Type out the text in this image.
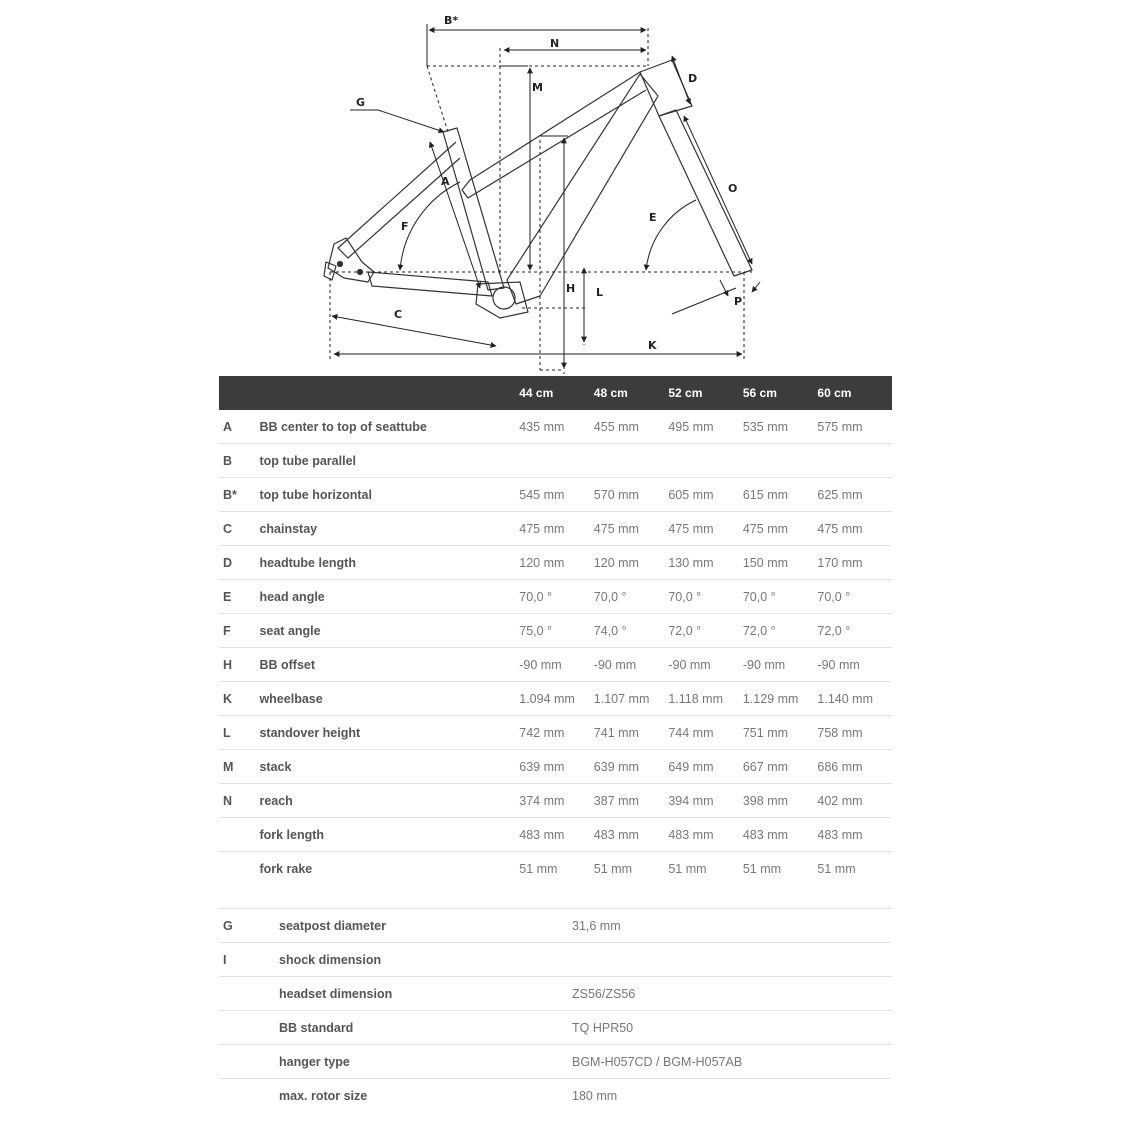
B*
N
G
M
D
A
O
F
E
H L
P
C
K
		44 cm	48 cm	52 cm	56 cm	60 cm
A	BB center to top of seattube	435 mm	455 mm	495 mm	535 mm	575 mm
B	top tube parallel					
B*	top tube horizontal	545 mm	570 mm	605 mm	615 mm	625 mm
C	chainstay	475 mm	475 mm	475 mm	475 mm	475 mm
D	headtube length	120 mm	120 mm	130 mm	150 mm	170 mm
E	head angle	70,0 °	70,0 °	70,0 °	70,0 °	70,0 °
F	seat angle	75,0 °	74,0 °	72,0 °	72,0 °	72,0 °
H	BB offset	-90 mm	-90 mm	-90 mm	-90 mm	-90 mm
K	wheelbase	1.094 mm	1.107 mm	1.118 mm	1.129 mm	1.140 mm
L	standover height	742 mm	741 mm	744 mm	751 mm	758 mm
M	stack	639 mm	639 mm	649 mm	667 mm	686 mm
N	reach	374 mm	387 mm	394 mm	398 mm	402 mm
	fork length	483 mm	483 mm	483 mm	483 mm	483 mm
	fork rake	51 mm	51 mm	51 mm	51 mm	51 mm
G	seatpost diameter	31,6 mm
I	shock dimension	
	headset dimension	ZS56/ZS56
	BB standard	TQ HPR50
	hanger type	BGM-H057CD / BGM-H057AB
	max. rotor size	180 mm
